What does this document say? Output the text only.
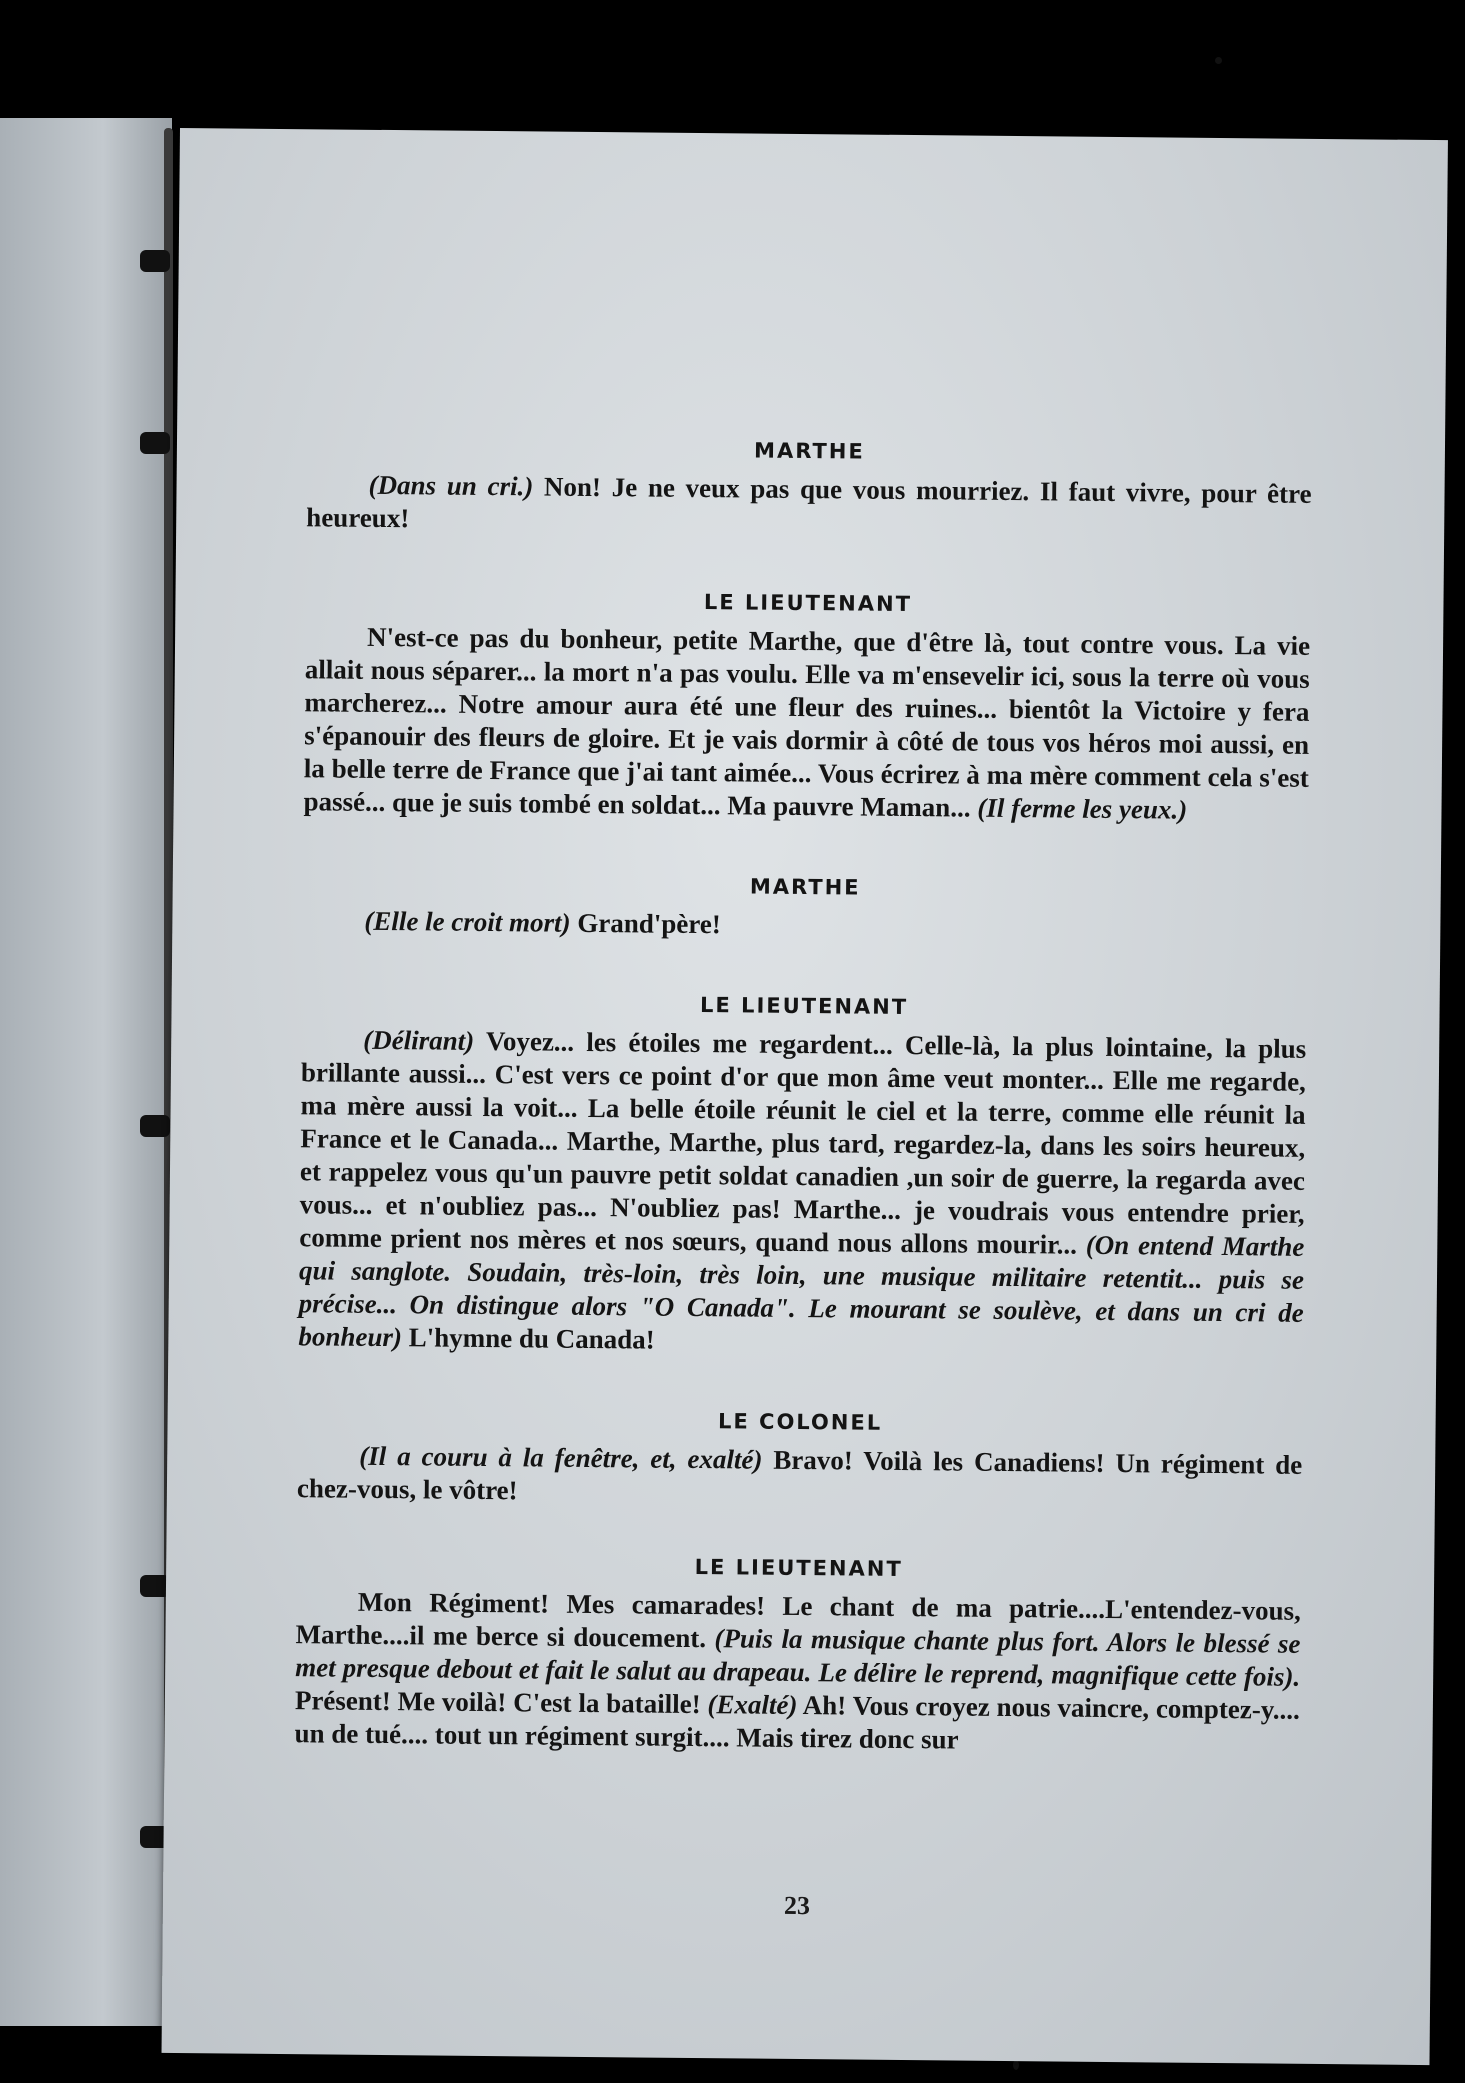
MARTHE

(Dans un cri.) Non! Je ne veux pas que vous mourriez. Il faut vivre, pour être heureux!

LE LIEUTENANT

N'est-ce pas du bonheur, petite Marthe, que d'être là, tout contre vous. La vie allait nous séparer... la mort n'a pas voulu. Elle va m'ensevelir ici, sous la terre où vous marcherez... Notre amour aura été une fleur des ruines... bientôt la Victoire y fera s'épanouir des fleurs de gloire. Et je vais dormir à côté de tous vos héros moi aussi, en la belle terre de France que j'ai tant aimée... Vous écrirez à ma mère comment cela s'est passé... que je suis tombé en soldat... Ma pauvre Maman... (Il ferme les yeux.)

MARTHE

(Elle le croit mort) Grand'père!

LE LIEUTENANT

(Délirant) Voyez... les étoiles me regardent... Celle-là, la plus lointaine, la plus brillante aussi... C'est vers ce point d'or que mon âme veut monter... Elle me regarde, ma mère aussi la voit... La belle étoile réunit le ciel et la terre, comme elle réunit la France et le Canada... Marthe, Marthe, plus tard, regardez-la, dans les soirs heureux, et rappelez vous qu'un pauvre petit soldat canadien ,un soir de guerre, la regarda avec vous... et n'oubliez pas... N'oubliez pas! Marthe... je voudrais vous entendre prier, comme prient nos mères et nos sœurs, quand nous allons mourir... (On entend Marthe qui sanglote. Soudain, très-loin, très loin, une musique militaire retentit... puis se précise... On distingue alors "O Canada". Le mourant se soulève, et dans un cri de bonheur) L'hymne du Canada!

LE COLONEL

(Il a couru à la fenêtre, et, exalté) Bravo! Voilà les Canadiens! Un régiment de chez-vous, le vôtre!

LE LIEUTENANT

Mon Régiment! Mes camarades! Le chant de ma patrie....L'entendez-vous, Marthe....il me berce si doucement. (Puis la musique chante plus fort. Alors le blessé se met presque debout et fait le salut au drapeau. Le délire le reprend, magnifique cette fois). Présent! Me voilà! C'est la bataille! (Exalté) Ah! Vous croyez nous vaincre, comptez-y.... un de tué.... tout un régiment surgit.... Mais tirez donc sur

23
